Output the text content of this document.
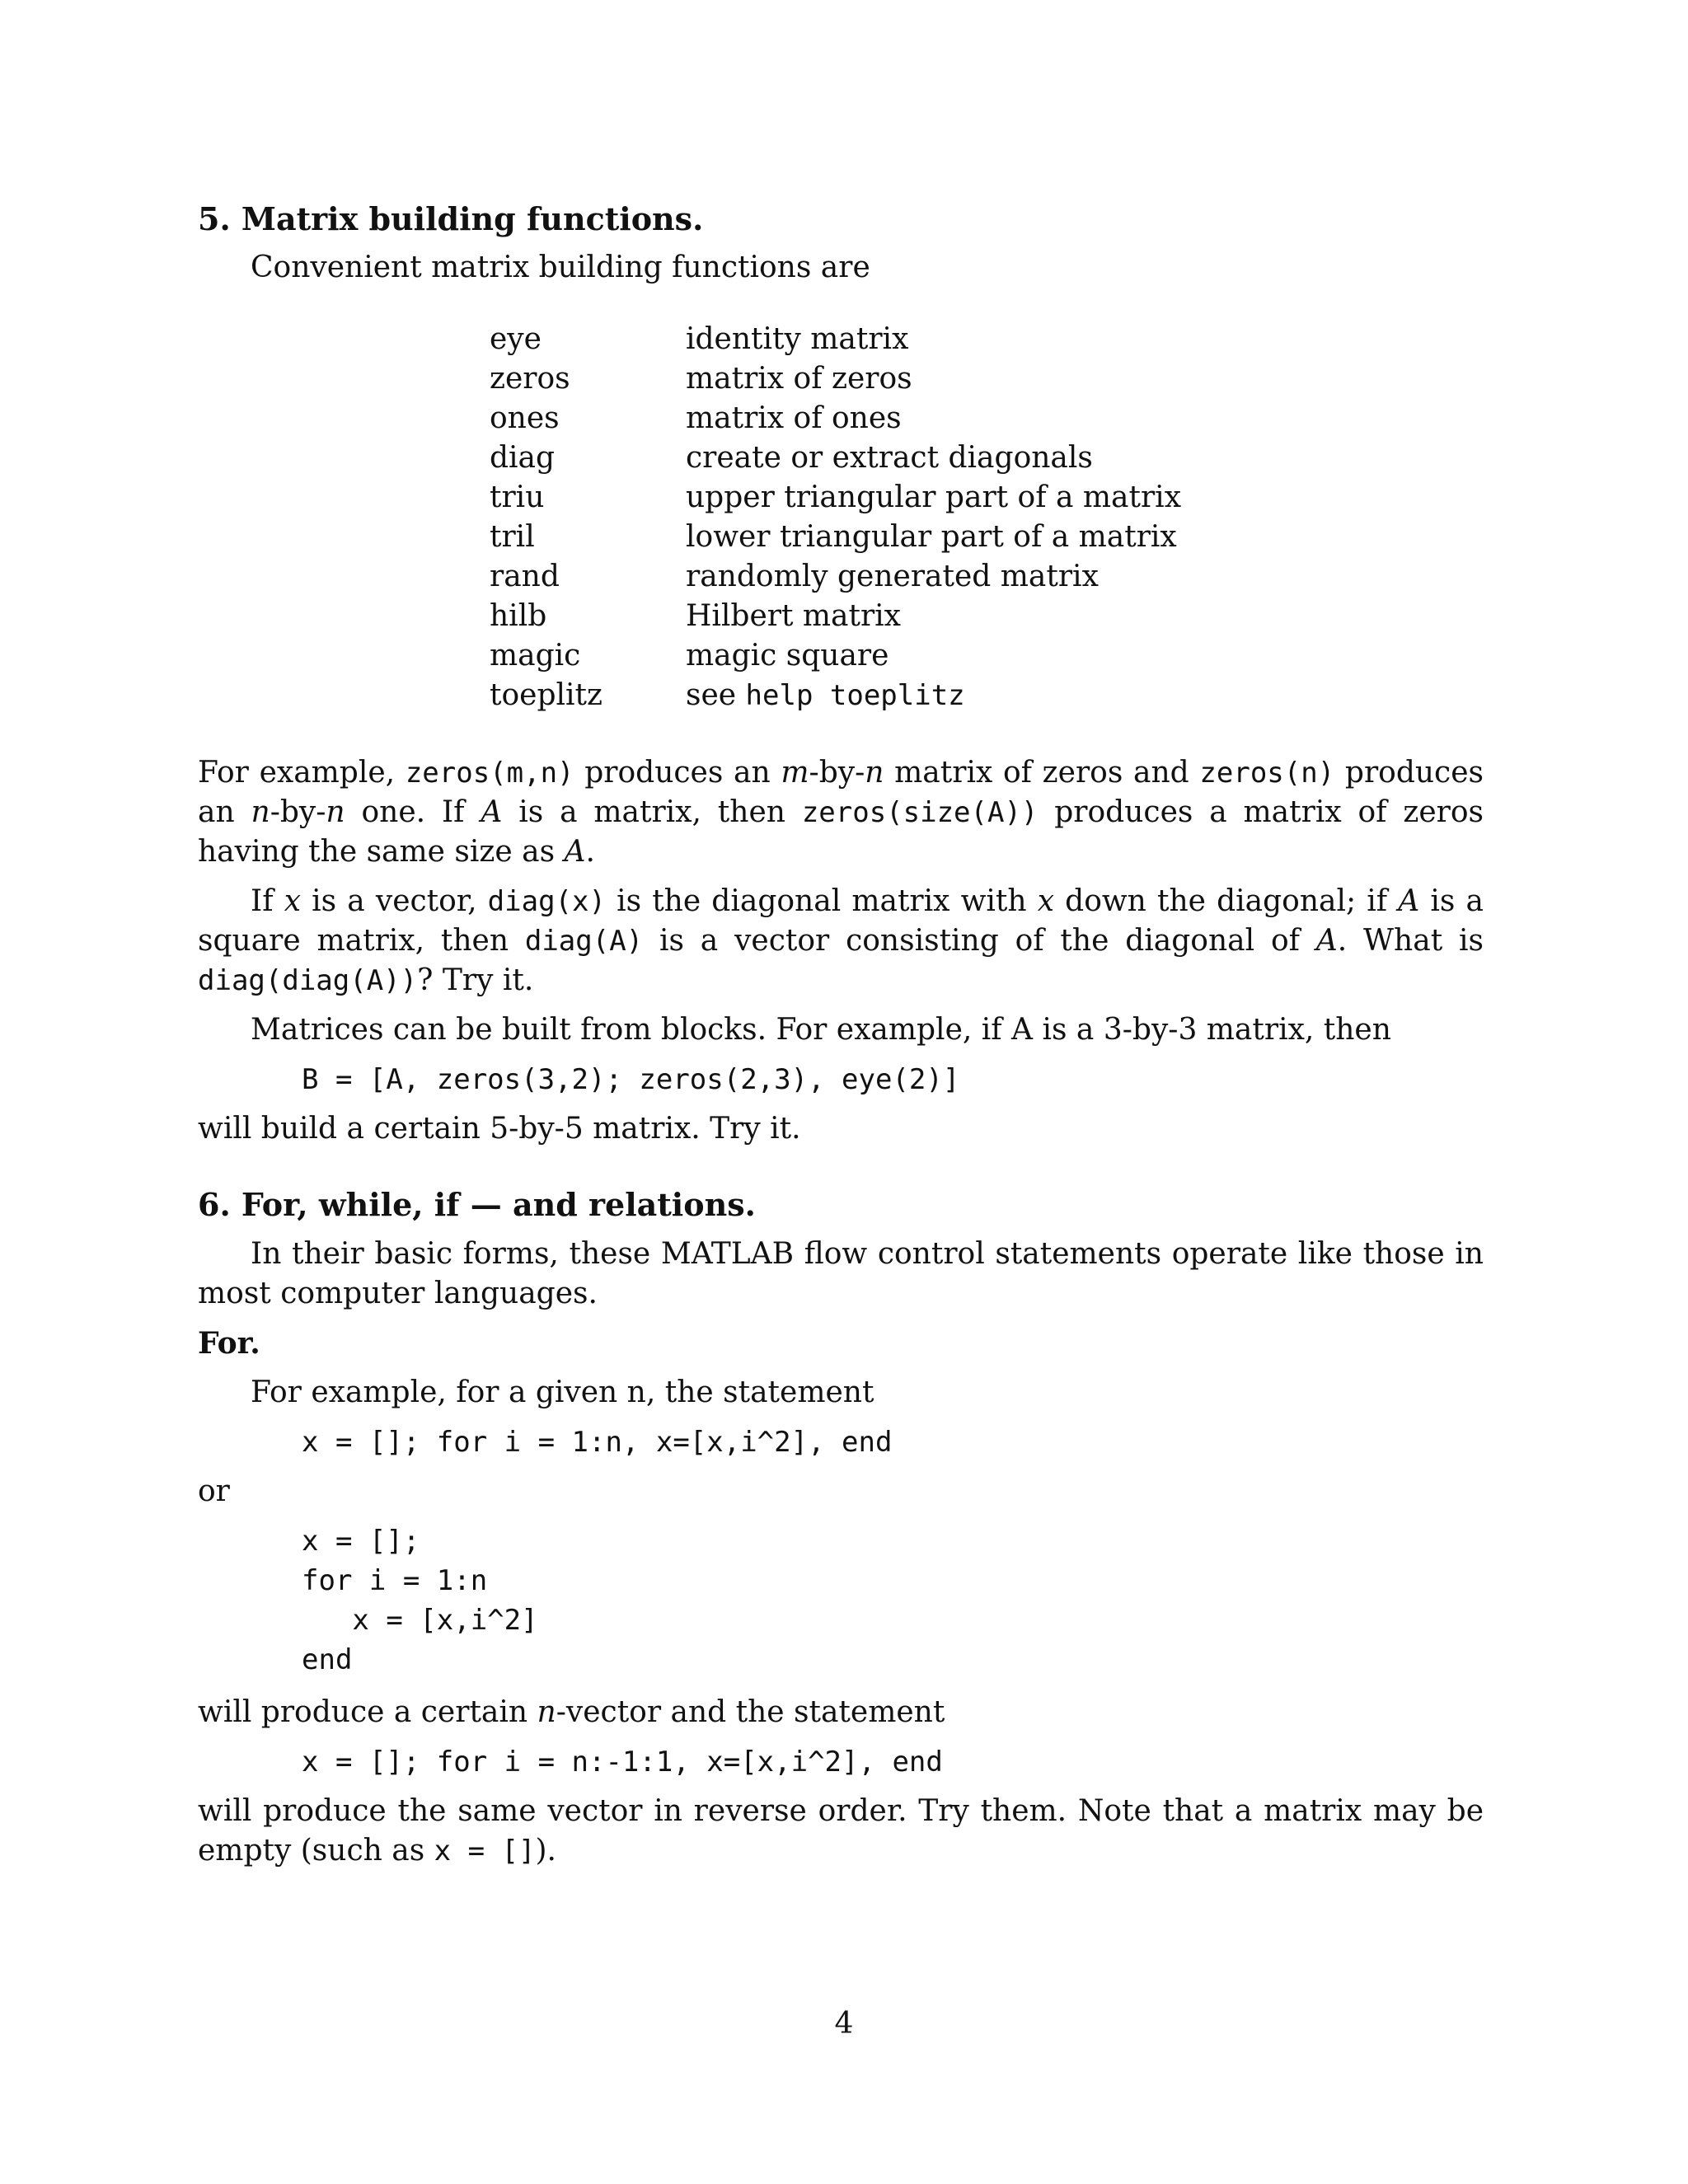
5. Matrix building functions.

Convenient matrix building functions are

eye	identity matrix
zeros	matrix of zeros
ones	matrix of ones
diag	create or extract diagonals
triu	upper triangular part of a matrix
tril	lower triangular part of a matrix
rand	randomly generated matrix
hilb	Hilbert matrix
magic	magic square
toeplitz	see help toeplitz

For example, zeros(m,n) produces an m-by-n matrix of zeros and zeros(n) produces an n-by-n one. If A is a matrix, then zeros(size(A)) produces a matrix of zeros having the same size as A.

If x is a vector, diag(x) is the diagonal matrix with x down the diagonal; if A is a square matrix, then diag(A) is a vector consisting of the diagonal of A. What is diag(diag(A))? Try it.

Matrices can be built from blocks. For example, if A is a 3-by-3 matrix, then

B = [A, zeros(3,2); zeros(2,3), eye(2)]

will build a certain 5-by-5 matrix. Try it.

6. For, while, if — and relations.

In their basic forms, these MATLAB flow control statements operate like those in most computer languages.

For.

For example, for a given n, the statement

x = []; for i = 1:n, x=[x,i^2], end

or

x = [];
for i = 1:n
x = [x,i^2]
end

will produce a certain n-vector and the statement

x = []; for i = n:-1:1, x=[x,i^2], end

will produce the same vector in reverse order. Try them. Note that a matrix may be empty (such as x = []).

4
